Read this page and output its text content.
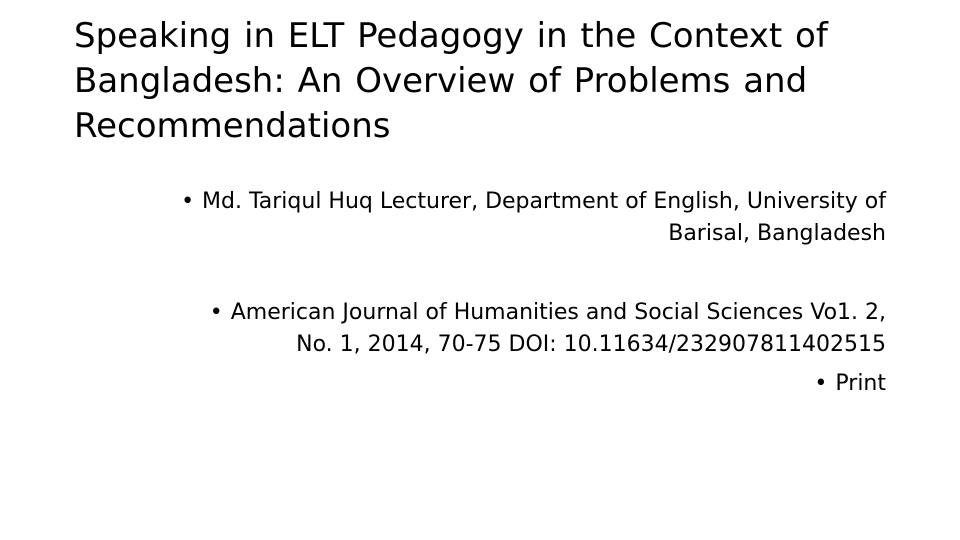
Speaking in ELT Pedagogy in the Context of
Bangladesh: An Overview of Problems and
Recommendations

• Md. Tariqul Huq Lecturer, Department of English, University of
Barisal, Bangladesh

• American Journal of Humanities and Social Sciences Vo1. 2,
No. 1, 2014, 70-75 DOI: 10.11634/232907811402515

• Print
